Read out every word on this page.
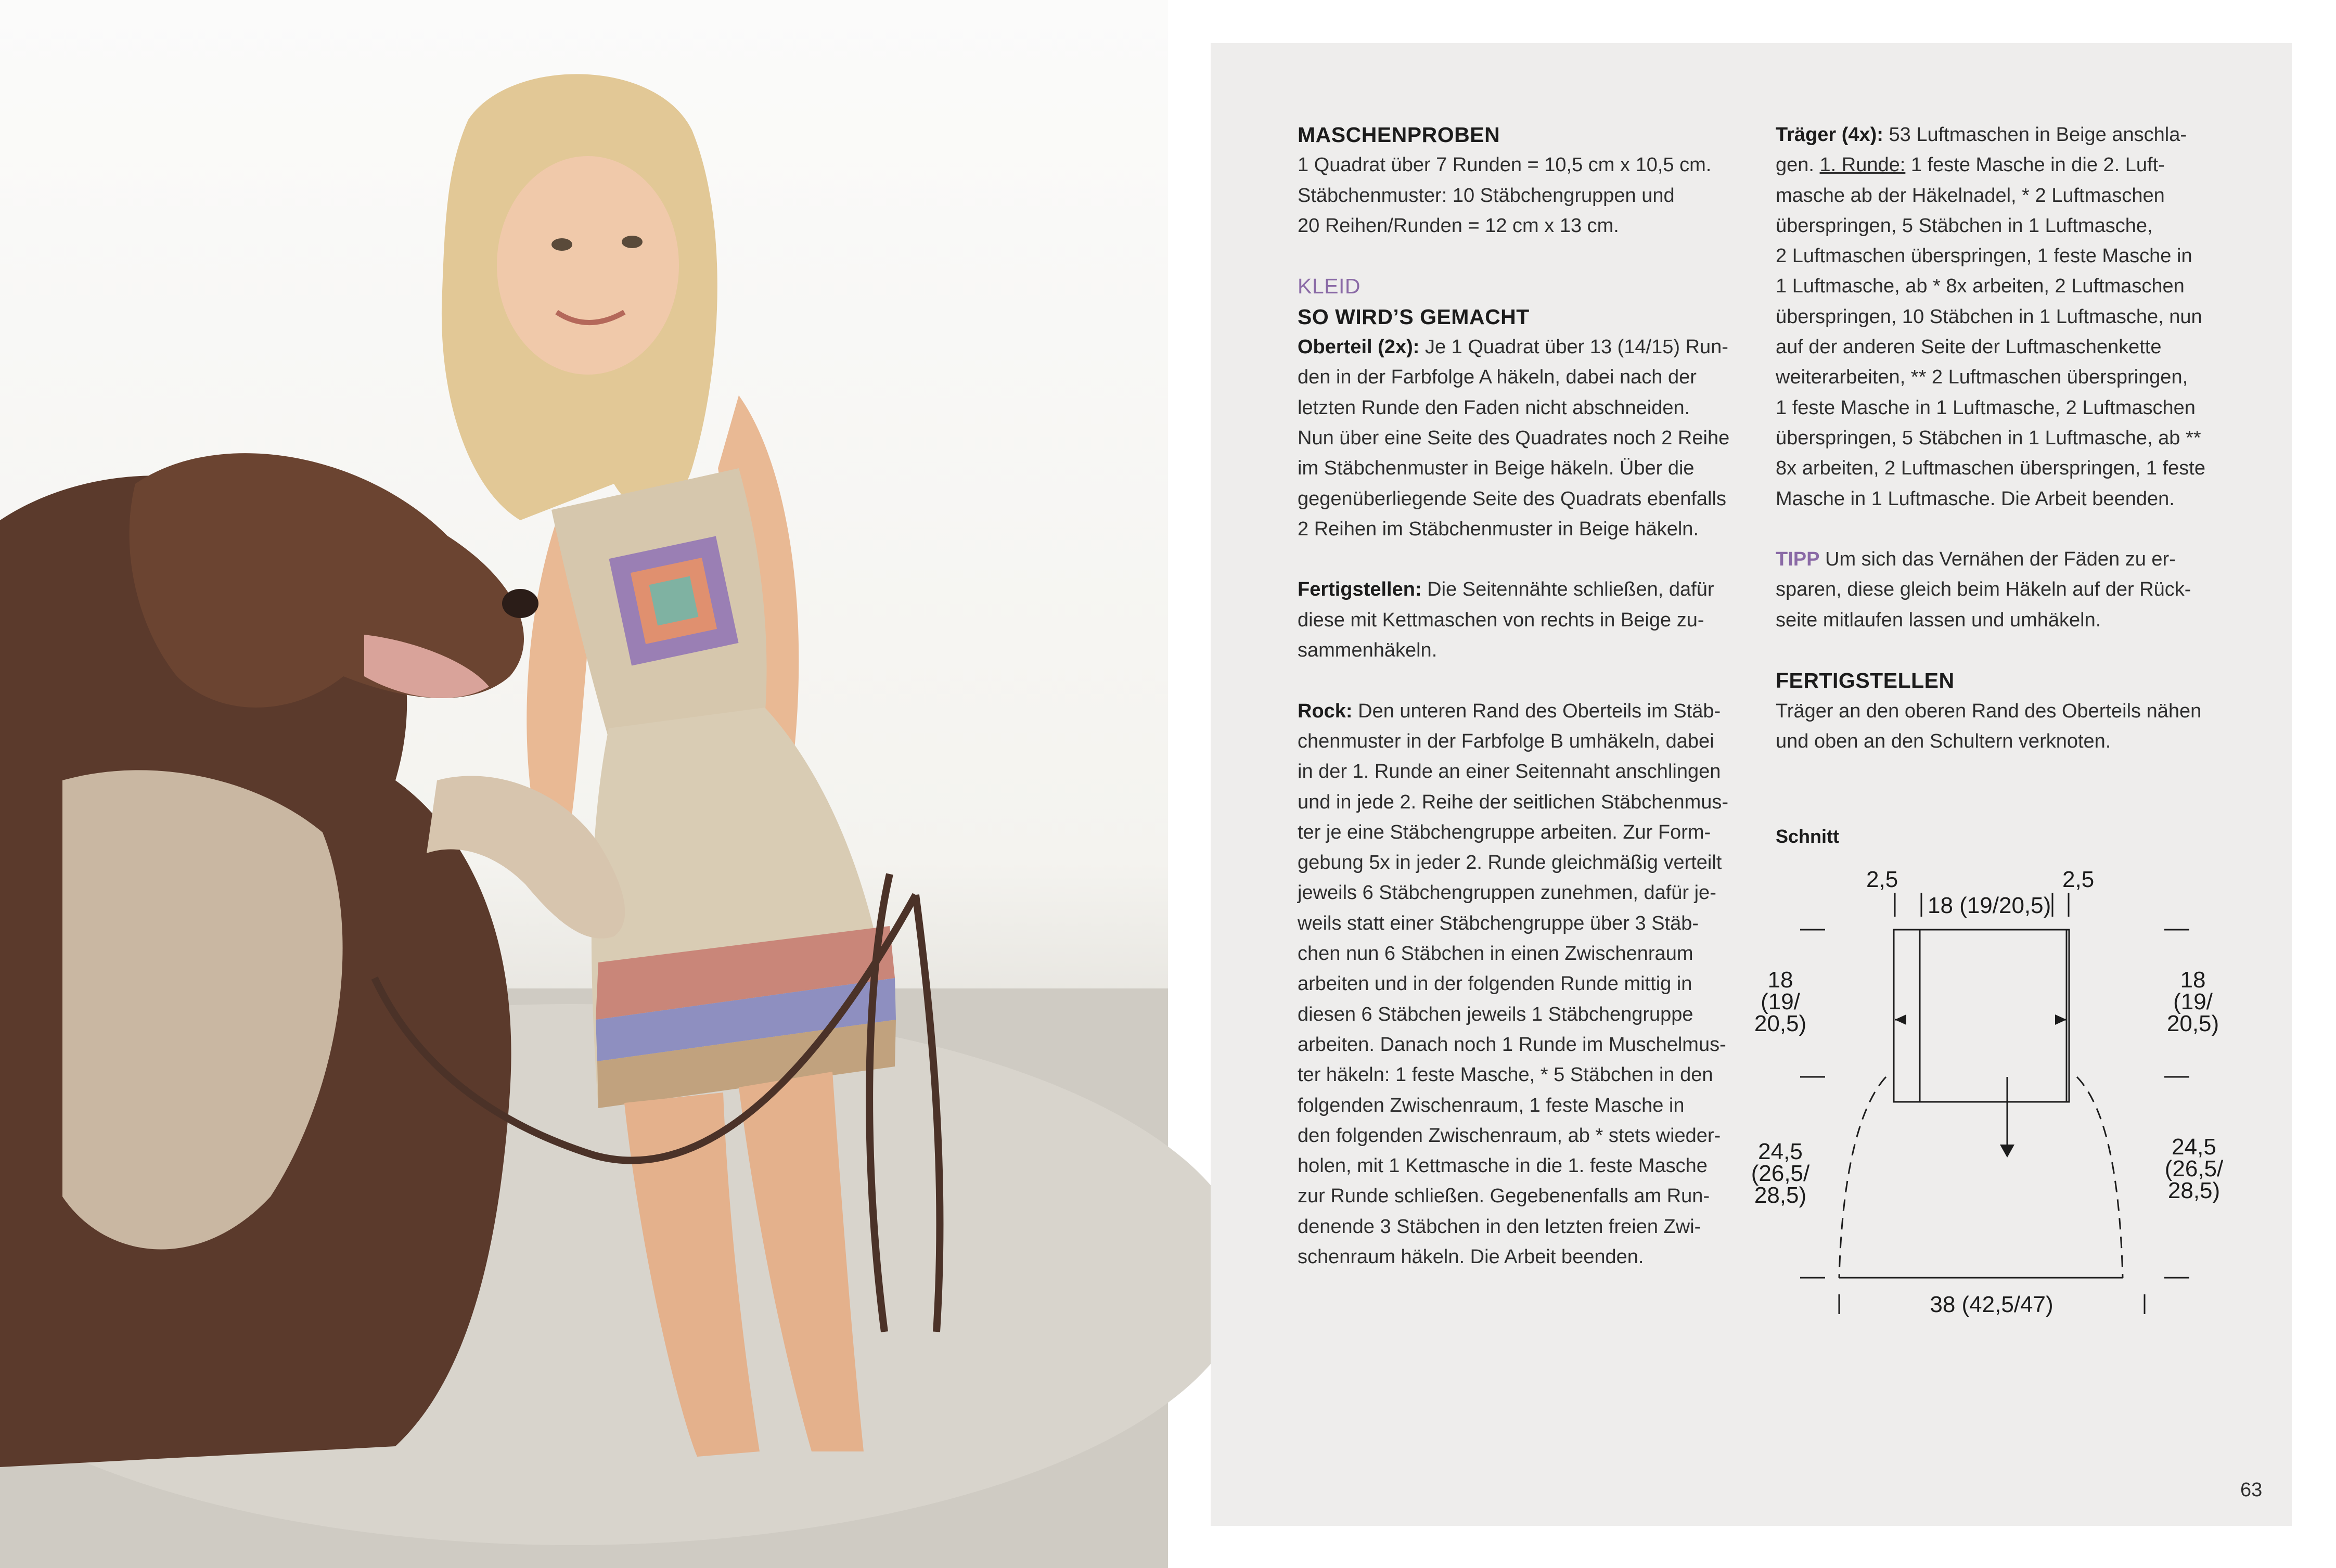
MASCHENPROBEN
1 Quadrat über 7 Runden = 10,5 cm x 10,5 cm.
Stäbchenmuster: 10 Stäbchengruppen und
20 Reihen/Runden = 12 cm x 13 cm.
KLEID
SO WIRD’S GEMACHT
Oberteil (2x): Je 1 Quadrat über 13 (14/15) Run-
den in der Farbfolge A häkeln, dabei nach der
letzten Runde den Faden nicht abschneiden.
Nun über eine Seite des Quadrates noch 2 Reihe
im Stäbchenmuster in Beige häkeln. Über die
gegenüberliegende Seite des Quadrats ebenfalls
2 Reihen im Stäbchenmuster in Beige häkeln.
Fertigstellen: Die Seitennähte schließen, dafür
diese mit Kettmaschen von rechts in Beige zu-
sammenhäkeln.
Rock: Den unteren Rand des Oberteils im Stäb-
chenmuster in der Farbfolge B umhäkeln, dabei
in der 1. Runde an einer Seitennaht anschlingen
und in jede 2. Reihe der seitlichen Stäbchenmus-
ter je eine Stäbchengruppe arbeiten. Zur Form-
gebung 5x in jeder 2. Runde gleichmäßig verteilt
jeweils 6 Stäbchengruppen zunehmen, dafür je-
weils statt einer Stäbchengruppe über 3 Stäb-
chen nun 6 Stäbchen in einen Zwischenraum
arbeiten und in der folgenden Runde mittig in
diesen 6 Stäbchen jeweils 1 Stäbchengruppe
arbeiten. Danach noch 1 Runde im Muschelmus-
ter häkeln: 1 feste Masche, * 5 Stäbchen in den
folgenden Zwischenraum, 1 feste Masche in
den folgenden Zwischenraum, ab * stets wieder-
holen, mit 1 Kettmasche in die 1. feste Masche
zur Runde schließen. Gegebenenfalls am Run-
denende 3 Stäbchen in den letzten freien Zwi-
schenraum häkeln. Die Arbeit beenden.
Träger (4x): 53 Luftmaschen in Beige anschla-
gen. 1. Runde: 1 feste Masche in die 2. Luft-
masche ab der Häkelnadel, * 2 Luftmaschen
überspringen, 5 Stäbchen in 1 Luftmasche,
2 Luftmaschen überspringen, 1 feste Masche in
1 Luftmasche, ab * 8x arbeiten, 2 Luftmaschen
überspringen, 10 Stäbchen in 1 Luftmasche, nun
auf der anderen Seite der Luftmaschenkette
weiterarbeiten, ** 2 Luftmaschen überspringen,
1 feste Masche in 1 Luftmasche, 2 Luftmaschen
überspringen, 5 Stäbchen in 1 Luftmasche, ab **
8x arbeiten, 2 Luftmaschen überspringen, 1 feste
Masche in 1 Luftmasche. Die Arbeit beenden.
TIPP Um sich das Vernähen der Fäden zu er-
sparen, diese gleich beim Häkeln auf der Rück-
seite mitlaufen lassen und umhäkeln.
FERTIGSTELLEN
Träger an den oberen Rand des Oberteils nähen
und oben an den Schultern verknoten.
Schnitt
2,5	2,5
18 (19/20,5)
18
(19/
20,5)
18
(19/
20,5)
24,5
(26,5/
28,5)
24,5
(26,5/
28,5)
38 (42,5/47)
63
